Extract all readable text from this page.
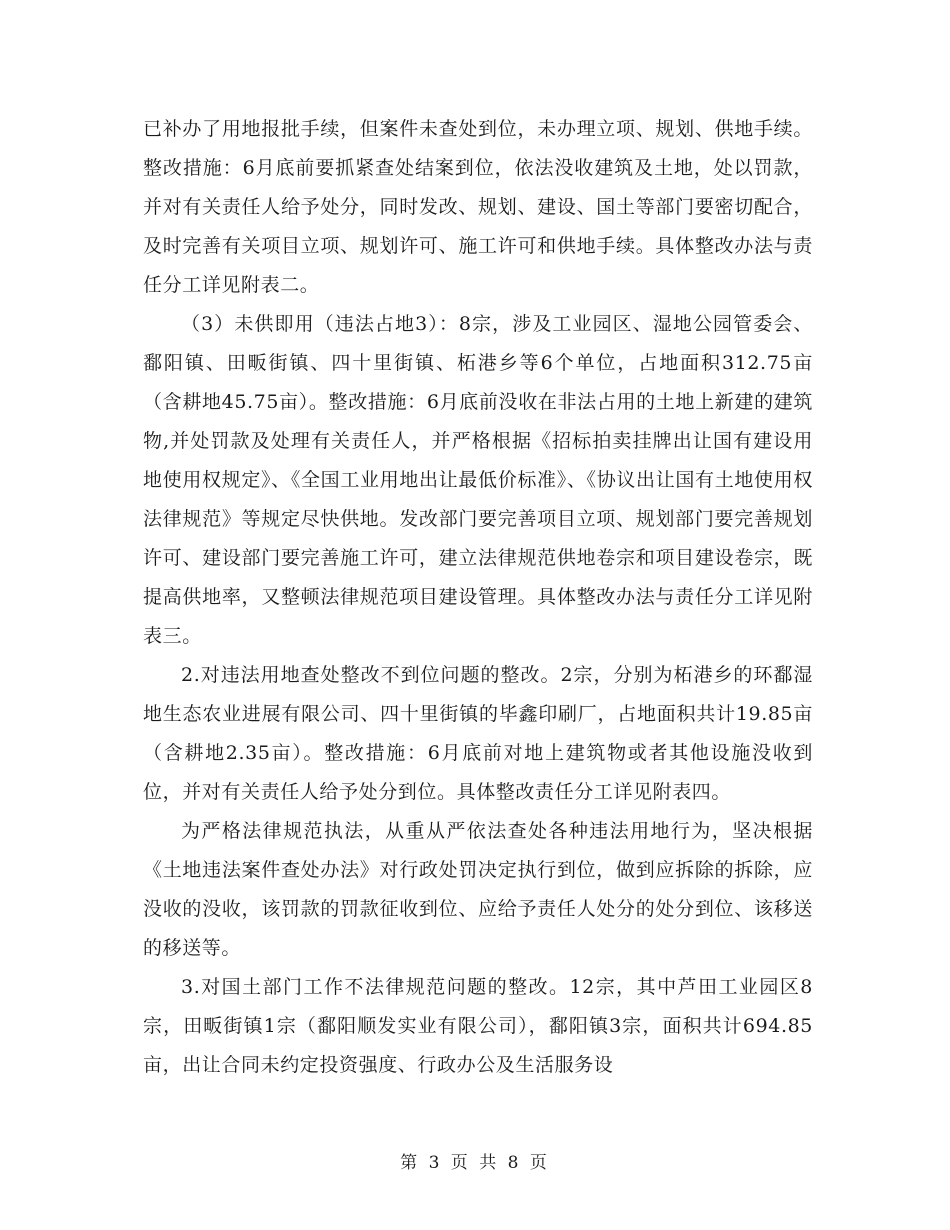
已补办了用地报批手续，但案件未查处到位，未办理立项、规划、供地手续。整改措施：6月底前要抓紧查处结案到位，依法没收建筑及土地，处以罚款，并对有关责任人给予处分，同时发改、规划、建设、国土等部门要密切配合，及时完善有关项目立项、规划许可、施工许可和供地手续。具体整改办法与责任分工详见附表二。

（3）未供即用（违法占地3）：8宗，涉及工业园区、湿地公园管委会、鄱阳镇、田畈街镇、四十里街镇、柘港乡等6个单位，占地面积312.75亩（含耕地45.75亩）。整改措施：6月底前没收在非法占用的土地上新建的建筑物,并处罚款及处理有关责任人，并严格根据《招标拍卖挂牌出让国有建设用地使用权规定》、《全国工业用地出让最低价标准》、《协议出让国有土地使用权法律规范》等规定尽快供地。发改部门要完善项目立项、规划部门要完善规划许可、建设部门要完善施工许可，建立法律规范供地卷宗和项目建设卷宗，既提高供地率，又整顿法律规范项目建设管理。具体整改办法与责任分工详见附表三。

2.对违法用地查处整改不到位问题的整改。2宗，分别为柘港乡的环鄱湿地生态农业进展有限公司、四十里街镇的毕鑫印刷厂，占地面积共计19.85亩（含耕地2.35亩）。整改措施：6月底前对地上建筑物或者其他设施没收到位，并对有关责任人给予处分到位。具体整改责任分工详见附表四。

为严格法律规范执法，从重从严依法查处各种违法用地行为，坚决根据《土地违法案件查处办法》对行政处罚决定执行到位，做到应拆除的拆除，应没收的没收，该罚款的罚款征收到位、应给予责任人处分的处分到位、该移送的移送等。

3.对国土部门工作不法律规范问题的整改。12宗，其中芦田工业园区8宗，田畈街镇1宗（鄱阳顺发实业有限公司），鄱阳镇3宗，面积共计694.85亩，出让合同未约定投资强度、行政办公及生活服务设

第 3 页 共 8 页
